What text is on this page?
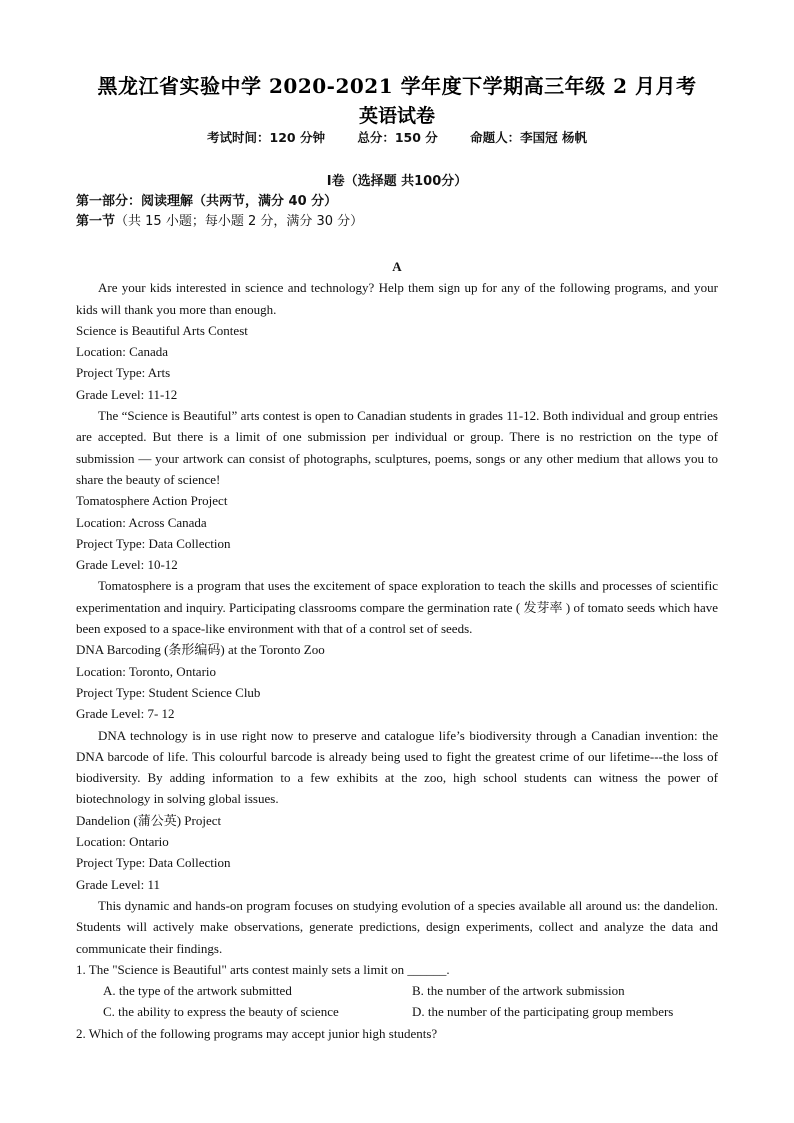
黑龙江省实验中学 2020-2021 学年度下学期高三年级 2 月月考
英语试卷
考试时间：120 分钟	总分：150 分	命题人：李国冠 杨帆
I卷（选择题 共100分）
第一部分：阅读理解（共两节，满分 40 分）
第一节（共 15 小题；每小题 2 分，满分 30 分）
A

Are your kids interested in science and technology? Help them sign up for any of the following programs, and your kids will thank you more than enough.

Science is Beautiful Arts Contest

Location: Canada

Project Type: Arts

Grade Level: 11-12

The “Science is Beautiful” arts contest is open to Canadian students in grades 11-12. Both individual and group entries are accepted. But there is a limit of one submission per individual or group. There is no restriction on the type of submission — your artwork can consist of photographs, sculptures, poems, songs or any other medium that allows you to share the beauty of science!

Tomatosphere Action Project

Location: Across Canada

Project Type: Data Collection

Grade Level: 10-12

Tomatosphere is a program that uses the excitement of space exploration to teach the skills and processes of scientific experimentation and inquiry. Participating classrooms compare the germination rate ( 发芽率 ) of tomato seeds which have been exposed to a space-like environment with that of a control set of seeds.

DNA Barcoding (条形编码) at the Toronto Zoo

Location: Toronto, Ontario

Project Type: Student Science Club

Grade Level: 7- 12

DNA technology is in use right now to preserve and catalogue life’s biodiversity through a Canadian invention: the DNA barcode of life. This colourful barcode is already being used to fight the greatest crime of our lifetime---the loss of biodiversity. By adding information to a few exhibits at the zoo, high school students can witness the power of biotechnology in solving global issues.

Dandelion (蒲公英) Project

Location: Ontario

Project Type: Data Collection

Grade Level: 11

This dynamic and hands-on program focuses on studying evolution of a species available all around us: the dandelion. Students will actively make observations, generate predictions, design experiments, collect and analyze the data and communicate their findings.

1. The "Science is Beautiful" arts contest mainly sets a limit on ______.

A. the type of the artwork submitted	B. the number of the artwork submission
C. the ability to express the beauty of science	D. the number of the participating group members

2. Which of the following programs may accept junior high students?
